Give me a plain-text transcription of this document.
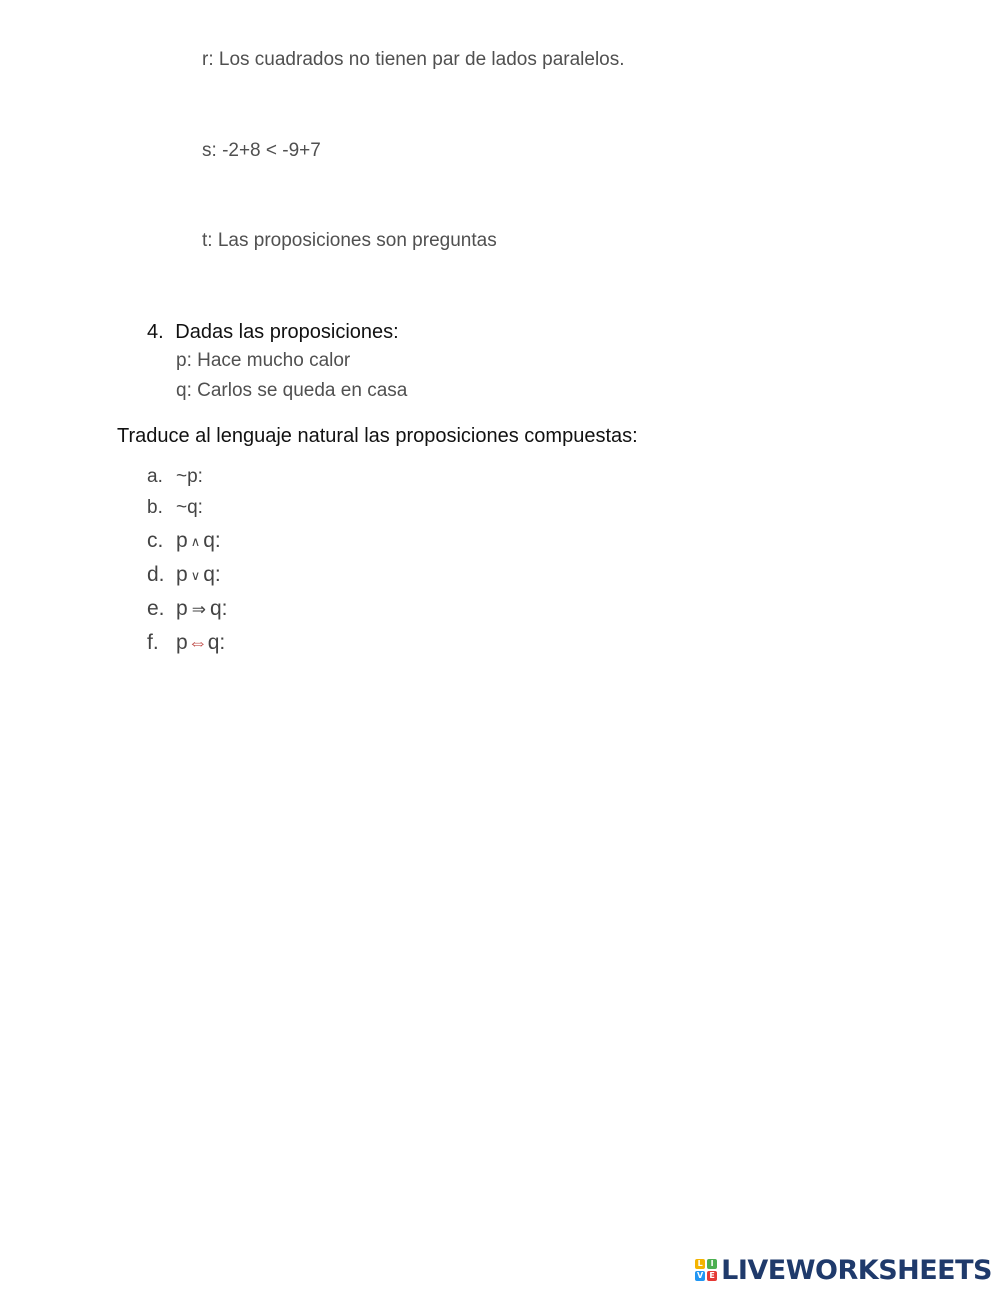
r: Los cuadrados no tienen par de lados paralelos.
s: -2+8 < -9+7
t: Las proposiciones son preguntas
4. Dadas las proposiciones:
p: Hace mucho calor
q: Carlos se queda en casa
Traduce al lenguaje natural las proposiciones compuestas:
a. ~p:
b. ~q:
c. p ∧ q:
d. p ∨ q:
e. p ⇒ q:
f. p⇔q:
L I
V E LIVEWORKSHEETS
